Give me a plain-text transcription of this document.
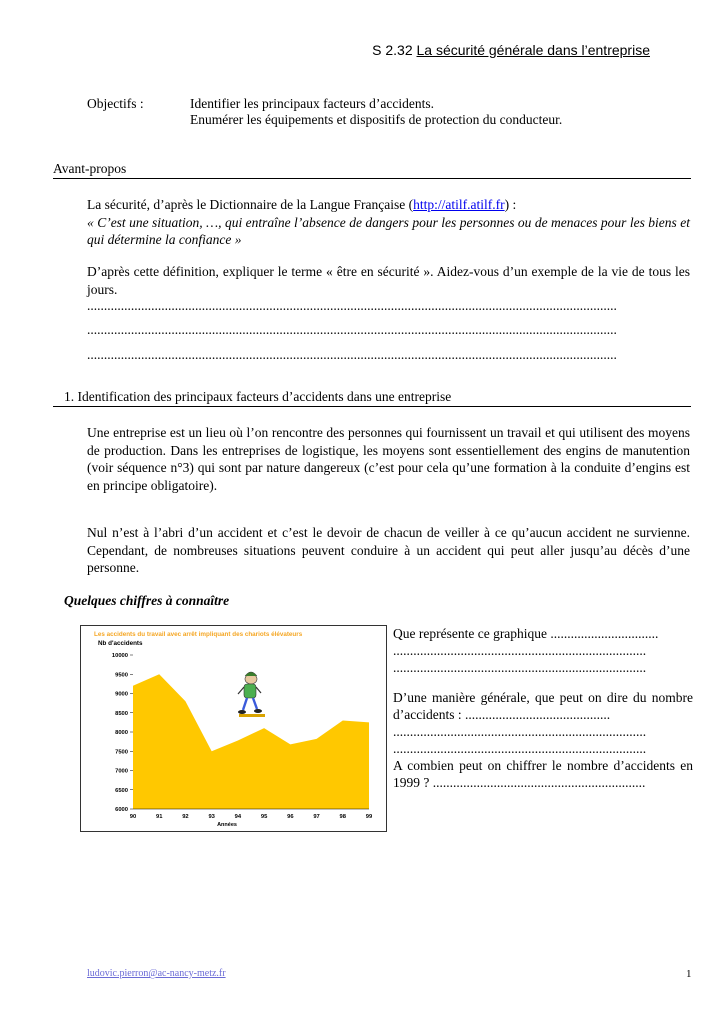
S 2.32 La sécurité générale dans l’entreprise
Objectifs :	Identifier les principaux facteurs d’accidents.
Enumérer les équipements et dispositifs de protection du conducteur.
Avant-propos
La sécurité, d’après le Dictionnaire de la Langue Française (http://atilf.atilf.fr) :
« C’est une situation, …, qui entraîne l’absence de dangers pour les personnes ou de menaces pour les biens et qui détermine la confiance »
D’après cette définition, expliquer le terme « être en sécurité ». Aidez-vous d’un exemple de la vie de tous les jours.
.............................................................................................................................................................
.............................................................................................................................................................
.............................................................................................................................................................
1. Identification des principaux facteurs d’accidents dans une entreprise
Une entreprise est un lieu où l’on rencontre des personnes qui fournissent un travail et qui utilisent des moyens de production. Dans les entreprises de logistique, les moyens sont essentiellement des engins de manutention (voir séquence n°3) qui sont par nature dangereux (c’est pour cela qu’une formation à la conduite d’engins est en principe obligatoire).
Nul n’est à l’abri d’un accident et c’est le devoir de chacun de veiller à ce qu’aucun accident ne survienne. Cependant, de nombreuses situations peuvent conduire à un accident qui peut aller jusqu’au décès d’une personne.
Quelques chiffres à connaître
Les accidents du travail avec arrêt impliquant des chariots élévateurs
Nb d'accidents
Années
10000
9500
9000
8500
8000
7500
7000
6500
6000
90	91	92	93	94	95	96	97	98	99
Que représente ce graphique ................................
...........................................................................
...........................................................................
D’une manière générale, que peut on dire du nombre d’accidents : ...........................................
...........................................................................
...........................................................................
A combien peut on chiffrer le nombre d’accidents en 1999 ? ...............................................................
ludovic.pierron@ac-nancy-metz.fr	1
